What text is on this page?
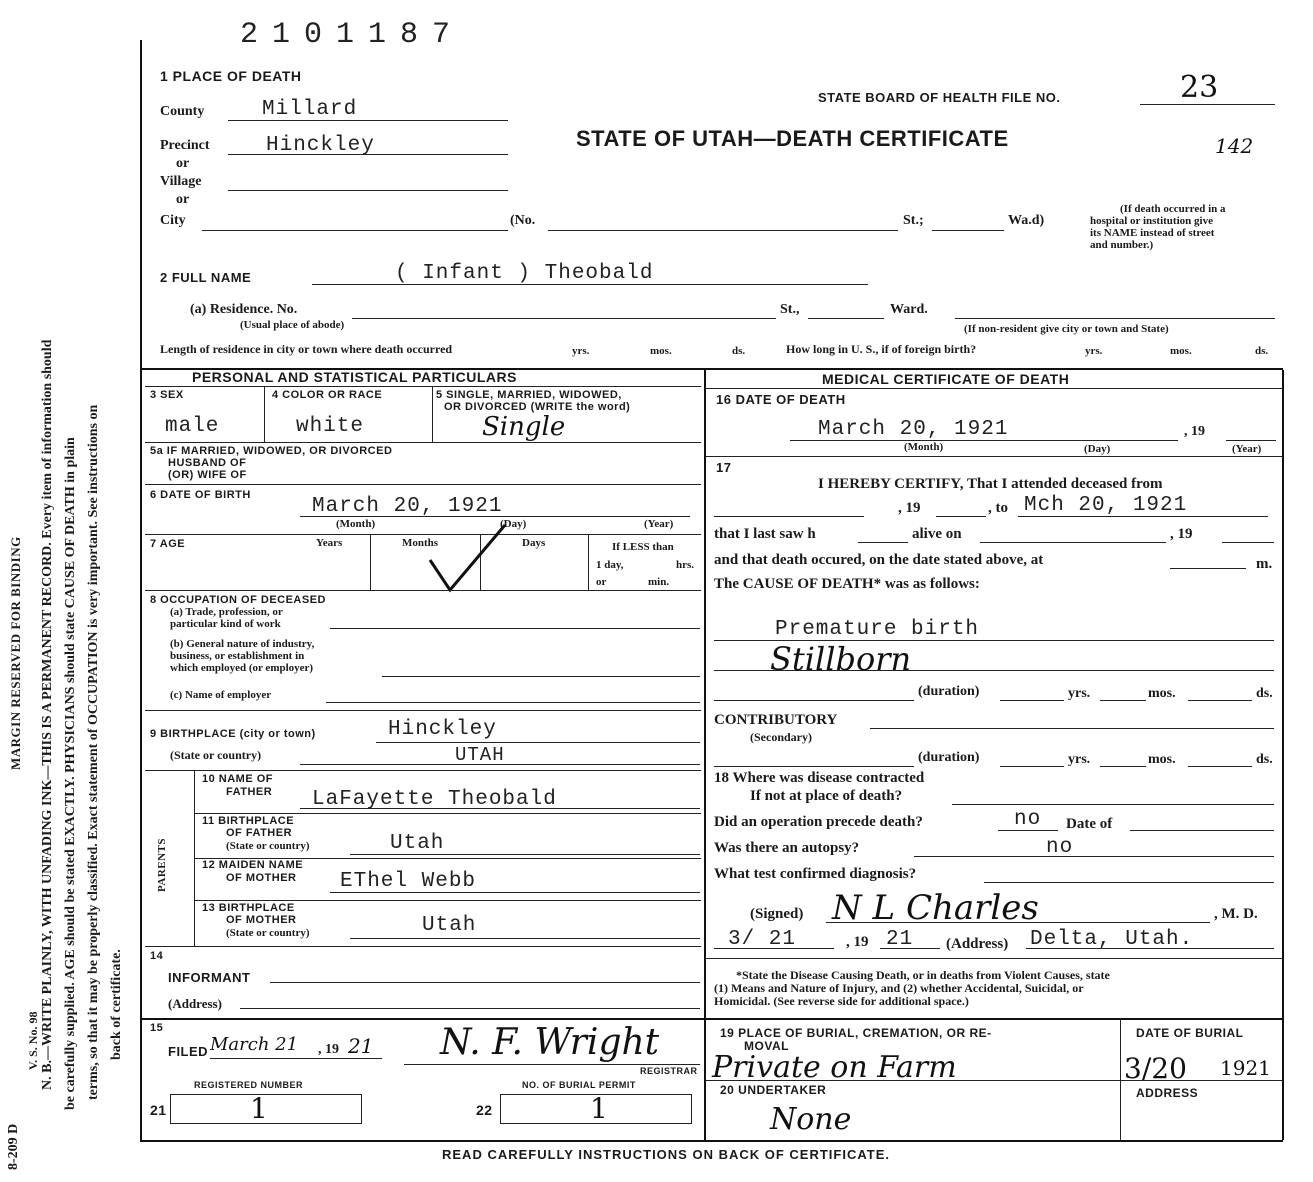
MARGIN RESERVED FOR BINDING N. B.—WRITE PLAINLY, WITH UNFADING INK—THIS IS A PERMANENT RECORD. Every item of information should be carefully supplied. AGE should be stated EXACTLY. PHYSICIANS should state CAUSE OF DEATH in plain terms, so that it may be properly classified. Exact statement of OCCUPATION is very important. See instructions on back of certificate.
8-209 D
V. S. No. 98
2101187
1 PLACE OF DEATH
STATE BOARD OF HEALTH FILE NO.	23
STATE OF UTAH—DEATH CERTIFICATE	142
County	Millard
Precinct	Hinckley
or
Village
or
City	(No.	St.;	Wa.d)
(If death occurred in a
hospital or institution give
its NAME instead of street
and number.)
2 FULL NAME	( Infant ) Theobald
(a) Residence. No.
(Usual place of abode)
St.,	Ward.
(If non-resident give city or town and State)
Length of residence in city or town where death occurred	yrs.	mos.	ds.	How long in U. S., if of foreign birth?	yrs.	mos.	ds.
PERSONAL AND STATISTICAL PARTICULARS
3 SEX	4 COLOR OR RACE	5 SINGLE, MARRIED, WIDOWED,
OR DIVORCED (WRITE the word)
male	white	Single
5a IF MARRIED, WIDOWED, OR DIVORCED
HUSBAND OF
(OR) WIFE OF
6 DATE OF BIRTH	March 20, 1921
(Month)	(Day)	(Year)
7 AGE	Years	Months	Days	If LESS than
1 day,	hrs.
or	min.
8 OCCUPATION OF DECEASED
(a) Trade, profession, or
particular kind of work
(b) General nature of industry,
business, or establishment in
which employed (or employer)
(c) Name of employer
9 BIRTHPLACE (city or town)	Hinckley
(State or country)	UTAH
PARENTS
10 NAME OF
FATHER LaFayette Theobald
11 BIRTHPLACE
OF FATHER
(State or country)	Utah
12 MAIDEN NAME
OF MOTHER EThel Webb
13 BIRTHPLACE
OF MOTHER
(State or country)	Utah
14
INFORMANT
(Address)
15
FILED March 21 , 19 21 N. F. Wright
REGISTRAR
REGISTERED NUMBER	NO. OF BURIAL PERMIT
21	1	22	1
MEDICAL CERTIFICATE OF DEATH
16 DATE OF DEATH
March 20, 1921	, 19
(Month)	(Day)	(Year)
17
I HEREBY CERTIFY, That I attended deceased from
, 19	, to Mch 20, 1921
that I last saw h	alive on	, 19
and that death occured, on the date stated above, at	m.
The CAUSE OF DEATH* was as follows:
Premature birth
Stillborn
(duration)	yrs.	mos.	ds.
CONTRIBUTORY
(Secondary)
(duration)	yrs.	mos.	ds.
18 Where was disease contracted
If not at place of death?
Did an operation precede death?	no Date of
Was there an autopsy?	no
What test confirmed diagnosis?
(Signed) N L Charles	, M. D.
3/ 21	, 19 21 (Address) Delta, Utah.
*State the Disease Causing Death, or in deaths from Violent Causes, state
(1) Means and Nature of Injury, and (2) whether Accidental, Suicidal, or
Homicidal. (See reverse side for additional space.)
19 PLACE OF BURIAL, CREMATION, OR RE-
MOVAL
DATE OF BURIAL
Private on Farm	3/20 1921
20 UNDERTAKER	ADDRESS
None
READ CAREFULLY INSTRUCTIONS ON BACK OF CERTIFICATE.
